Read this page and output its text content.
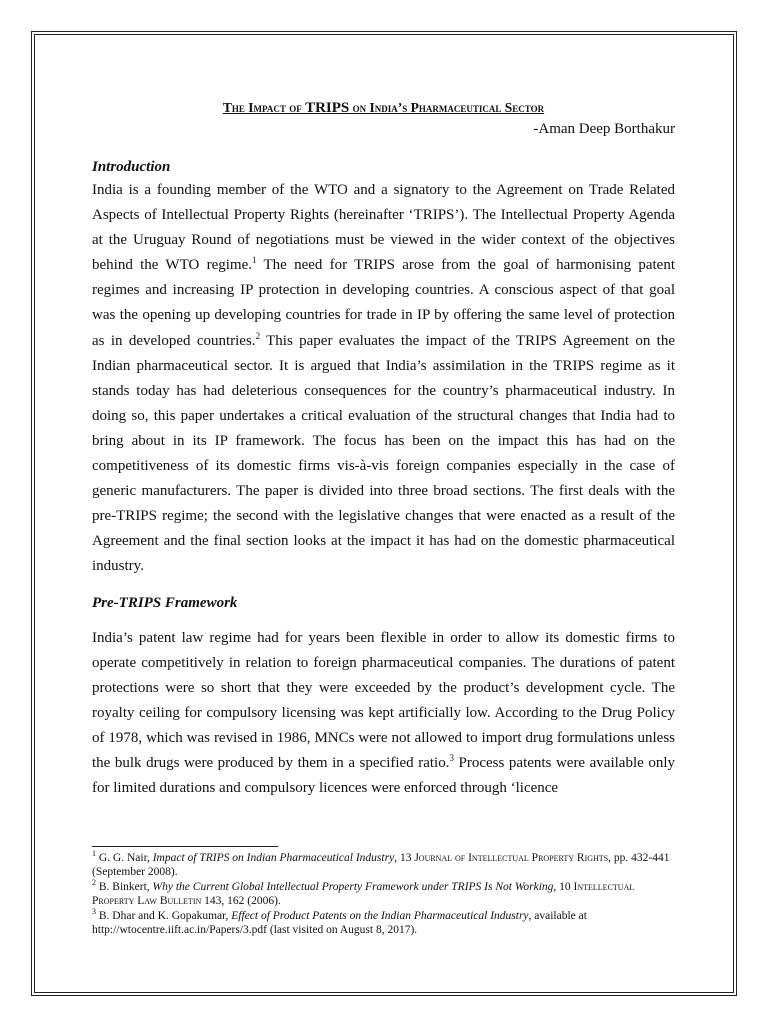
The Impact of TRIPS on India’s Pharmaceutical Sector

-Aman Deep Borthakur

Introduction

India is a founding member of the WTO and a signatory to the Agreement on Trade Related Aspects of Intellectual Property Rights (hereinafter ‘TRIPS’). The Intellectual Property Agenda at the Uruguay Round of negotiations must be viewed in the wider context of the objectives behind the WTO regime.$^1$ The need for TRIPS arose from the goal of harmonising patent regimes and increasing IP protection in developing countries. A conscious aspect of that goal was the opening up developing countries for trade in IP by offering the same level of protection as in developed countries.$^2$ This paper evaluates the impact of the TRIPS Agreement on the Indian pharmaceutical sector. It is argued that India’s assimilation in the TRIPS regime as it stands today has had deleterious consequences for the country’s pharmaceutical industry. In doing so, this paper undertakes a critical evaluation of the structural changes that India had to bring about in its IP framework. The focus has been on the impact this has had on the competitiveness of its domestic firms vis-à-vis foreign companies especially in the case of generic manufacturers. The paper is divided into three broad sections. The first deals with the pre-TRIPS regime; the second with the legislative changes that were enacted as a result of the Agreement and the final section looks at the impact it has had on the domestic pharmaceutical industry.

Pre-TRIPS Framework

India’s patent law regime had for years been flexible in order to allow its domestic firms to operate competitively in relation to foreign pharmaceutical companies. The durations of patent protections were so short that they were exceeded by the product’s development cycle. The royalty ceiling for compulsory licensing was kept artificially low. According to the Drug Policy of 1978, which was revised in 1986, MNCs were not allowed to import drug formulations unless the bulk drugs were produced by them in a specified ratio.$^3$ Process patents were available only for limited durations and compulsory licences were enforced through ‘licence

$^1$ G. G. Nair, Impact of TRIPS on Indian Pharmaceutical Industry, 13 Journal of Intellectual Property Rights, pp. 432-441 (September 2008).

$^2$ B. Binkert, Why the Current Global Intellectual Property Framework under TRIPS Is Not Working, 10 Intellectual Property Law Bulletin 143, 162 (2006).

$^3$ B. Dhar and K. Gopakumar, Effect of Product Patents on the Indian Pharmaceutical Industry, available at http://wtocentre.iift.ac.in/Papers/3.pdf (last visited on August 8, 2017).
